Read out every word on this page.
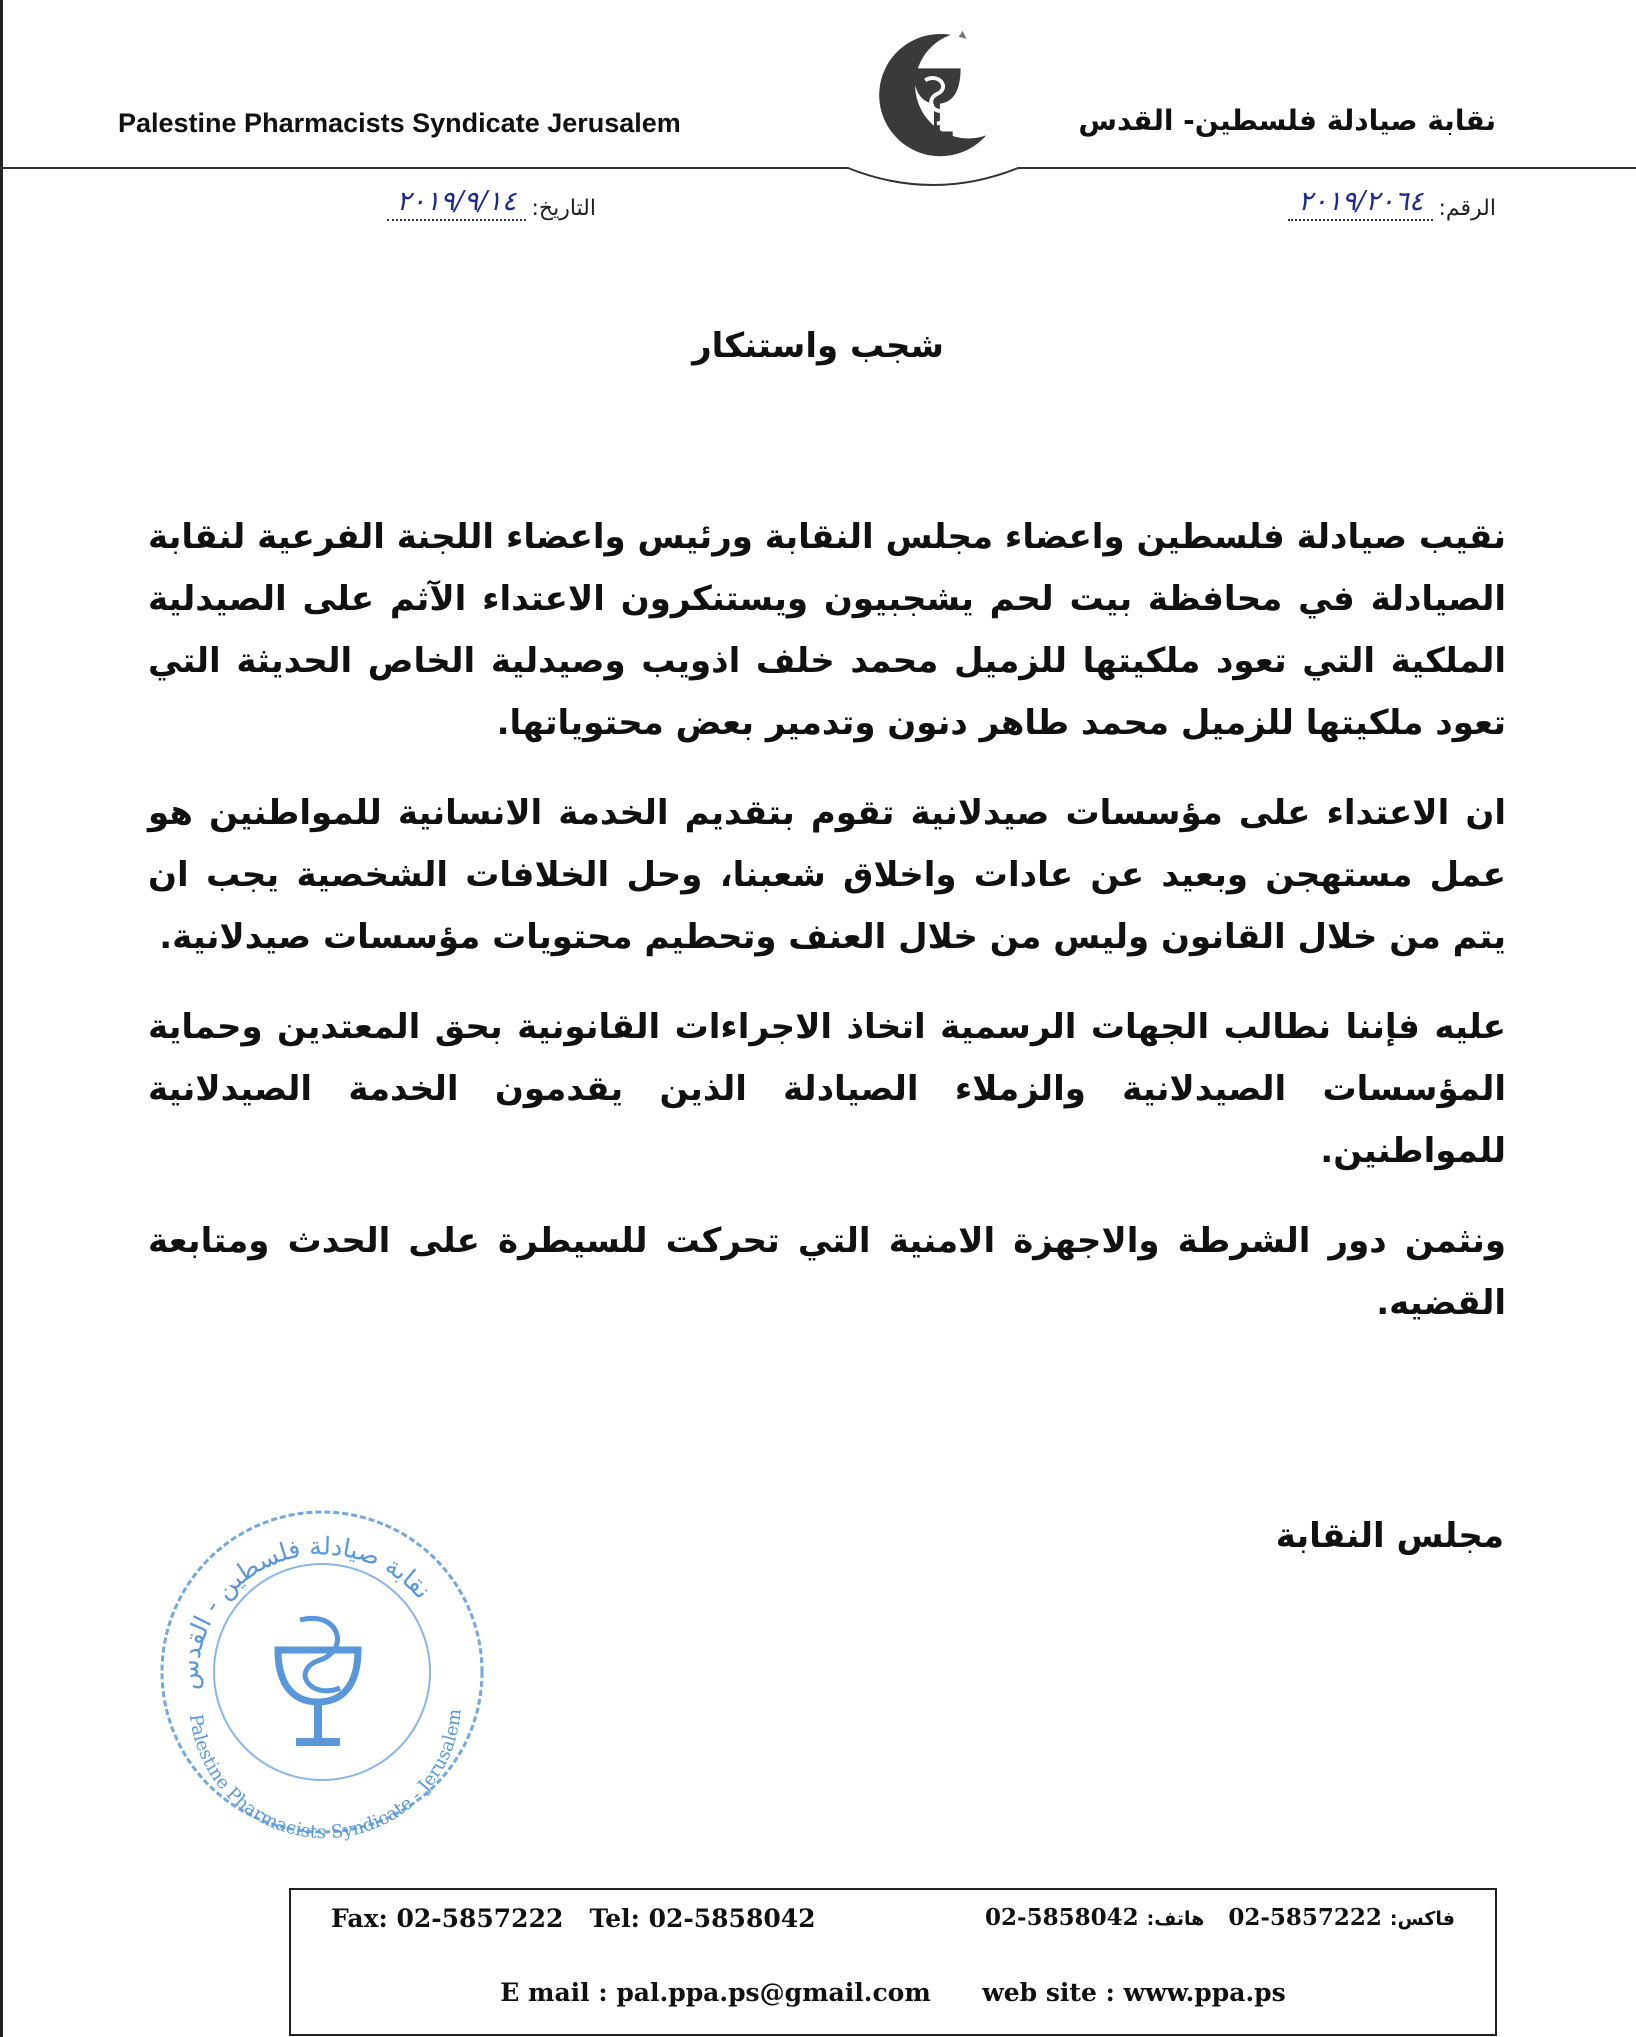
Palestine Pharmacists Syndicate Jerusalem	نقابة صيادلة فلسطين- القدس
الرقم: ٢٠١٩/٢٠٦٤
التاريخ: ٢٠١٩/٩/١٤
شجب واستنكار

نقيب صيادلة فلسطين واعضاء مجلس النقابة ورئيس واعضاء اللجنة الفرعية لنقابة الصيادلة في محافظة بيت لحم يشجبيون ويستنكرون الاعتداء الآثم على الصيدلية الملكية التي تعود ملكيتها للزميل محمد خلف اذويب وصيدلية الخاص الحديثة التي تعود ملكيتها للزميل محمد طاهر دنون وتدمير بعض محتوياتها.

ان الاعتداء على مؤسسات صيدلانية تقوم بتقديم الخدمة الانسانية للمواطنين هو عمل مستهجن وبعيد عن عادات واخلاق شعبنا، وحل الخلافات الشخصية يجب ان يتم من خلال القانون وليس من خلال العنف وتحطيم محتويات مؤسسات صيدلانية.

عليه فإننا نطالب الجهات الرسمية اتخاذ الاجراءات القانونية بحق المعتدين وحماية المؤسسات الصيدلانية والزملاء الصيادلة الذين يقدمون الخدمة الصيدلانية للمواطنين.

ونثمن دور الشرطة والاجهزة الامنية التي تحركت للسيطرة على الحدث ومتابعة القضيه.

مجلس النقابة
نقابة صيادلة فلسطين - القدس
Palestine Pharmacists Syndicate - Jerusalem
Fax: 02-5857222 Tel: 02-5858042	فاكس: 02-5857222   هاتف: 02-5858042
E mail : pal.ppa.ps@gmail.com web site : www.ppa.ps
